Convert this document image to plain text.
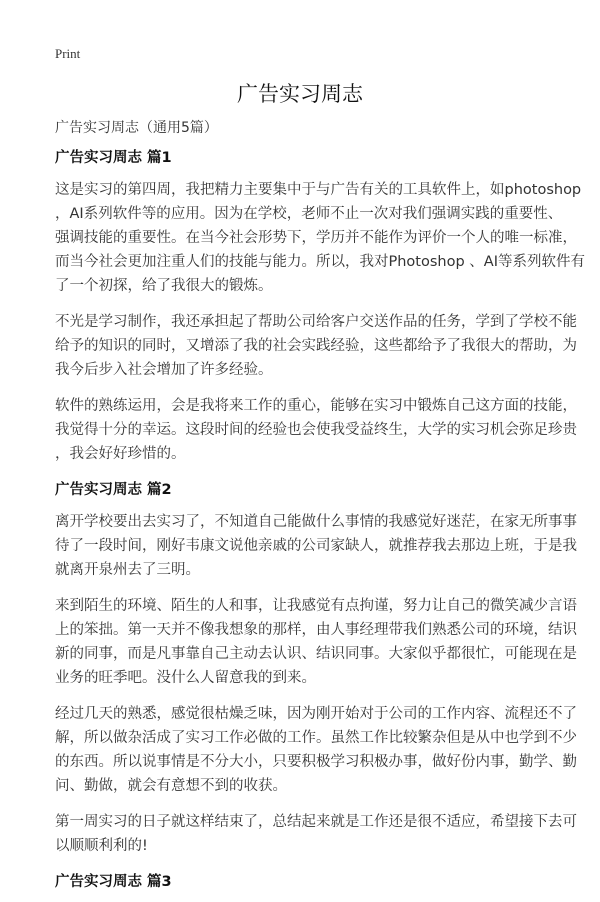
Print
广告实习周志
广告实习周志（通用5篇）
广告实习周志 篇1
这是实习的第四周，我把精力主要集中于与广告有关的工具软件上，如photoshop
，AI系列软件等的应用。因为在学校，老师不止一次对我们强调实践的重要性、
强调技能的重要性。在当今社会形势下，学历并不能作为评价一个人的唯一标准，
而当今社会更加注重人们的技能与能力。所以，我对Photoshop 、AI等系列软件有
了一个初探，给了我很大的锻炼。
不光是学习制作，我还承担起了帮助公司给客户交送作品的任务，学到了学校不能
给予的知识的同时，又增添了我的社会实践经验，这些都给予了我很大的帮助，为
我今后步入社会增加了许多经验。
软件的熟练运用，会是我将来工作的重心，能够在实习中锻炼自己这方面的技能，
我觉得十分的幸运。这段时间的经验也会使我受益终生，大学的实习机会弥足珍贵
，我会好好珍惜的。
广告实习周志 篇2
离开学校要出去实习了，不知道自己能做什么事情的我感觉好迷茫，在家无所事事
待了一段时间，刚好韦康文说他亲戚的公司家缺人，就推荐我去那边上班，于是我
就离开泉州去了三明。
来到陌生的环境、陌生的人和事，让我感觉有点拘谨，努力让自己的微笑减少言语
上的笨拙。第一天并不像我想象的那样，由人事经理带我们熟悉公司的环境，结识
新的同事，而是凡事靠自己主动去认识、结识同事。大家似乎都很忙，可能现在是
业务的旺季吧。没什么人留意我的到来。
经过几天的熟悉，感觉很枯燥乏味，因为刚开始对于公司的工作内容、流程还不了
解，所以做杂活成了实习工作必做的工作。虽然工作比较繁杂但是从中也学到不少
的东西。所以说事情是不分大小，只要积极学习积极办事，做好份内事，勤学、勤
问、勤做，就会有意想不到的收获。
第一周实习的日子就这样结束了，总结起来就是工作还是很不适应，希望接下去可
以顺顺利利的!
广告实习周志 篇3
